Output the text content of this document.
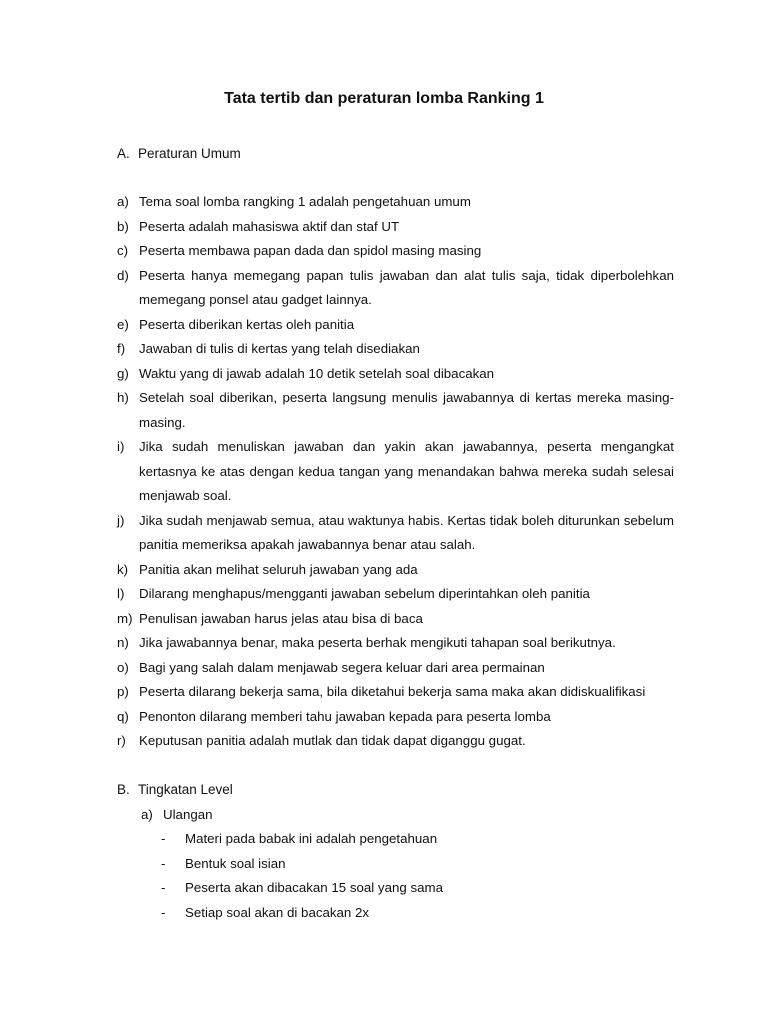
Tata tertib dan peraturan lomba Ranking 1
A. Peraturan Umum
a) Tema soal lomba rangking 1 adalah pengetahuan umum
b) Peserta adalah mahasiswa aktif dan staf UT
c) Peserta membawa papan dada dan spidol masing masing
d) Peserta hanya memegang papan tulis jawaban dan alat tulis saja, tidak diperbolehkan memegang ponsel atau gadget lainnya.
e) Peserta diberikan kertas oleh panitia
f)	Jawaban di tulis di kertas yang telah disediakan
g) Waktu yang di jawab adalah 10 detik setelah soal dibacakan
h) Setelah soal diberikan, peserta langsung menulis jawabannya di kertas mereka masing-masing.
i)	Jika sudah menuliskan jawaban dan yakin akan jawabannya, peserta mengangkat kertasnya ke atas dengan kedua tangan yang menandakan bahwa mereka sudah selesai menjawab soal.
j)	Jika sudah menjawab semua, atau waktunya habis. Kertas tidak boleh diturunkan sebelum panitia memeriksa apakah jawabannya benar atau salah.
k) Panitia akan melihat seluruh jawaban yang ada
l)	Dilarang menghapus/mengganti jawaban sebelum diperintahkan oleh panitia
m) Penulisan jawaban harus jelas atau bisa di baca
n) Jika jawabannya benar, maka peserta berhak mengikuti tahapan soal berikutnya.
o) Bagi yang salah dalam menjawab segera keluar dari area permainan
p) Peserta dilarang bekerja sama, bila diketahui bekerja sama maka akan didiskualifikasi
q) Penonton dilarang memberi tahu jawaban kepada para peserta lomba
r) Keputusan panitia adalah mutlak dan tidak dapat diganggu gugat.
B. Tingkatan Level
a) Ulangan
-	Materi pada babak ini adalah pengetahuan
-	Bentuk soal isian
-	Peserta akan dibacakan 15 soal yang sama
-	Setiap soal akan di bacakan 2x
